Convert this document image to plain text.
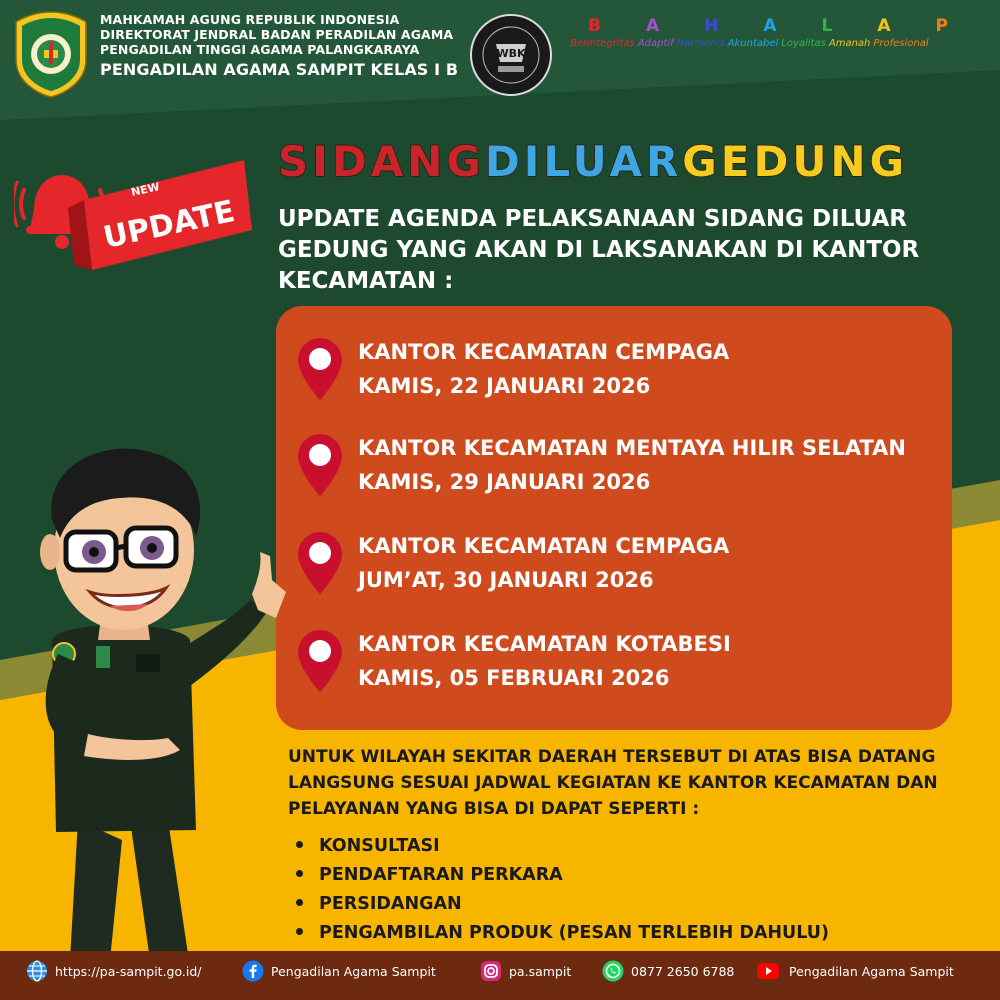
MAHKAMAH AGUNG REPUBLIK INDONESIA
DIREKTORAT JENDRAL BADAN PERADILAN AGAMA
PENGADILAN TINGGI AGAMA PALANGKARAYA
PENGADILAN AGAMA SAMPIT KELAS I B
WBK
B	A	H	A	L	A	P
Berintegritas Adaptif Harmonis Akuntabel Loyalitas Amanah Profesional
NEW
UPDATE
SIDANGDILUARGEDUNG
UPDATE AGENDA PELAKSANAAN SIDANG DILUAR GEDUNG YANG AKAN DI LAKSANAKAN DI KANTOR KECAMATAN :
KANTOR KECAMATAN CEMPAGA
KAMIS, 22 JANUARI 2026
KANTOR KECAMATAN MENTAYA HILIR SELATAN
KAMIS, 29 JANUARI 2026
KANTOR KECAMATAN CEMPAGA
JUM’AT, 30 JANUARI 2026
KANTOR KECAMATAN KOTABESI
KAMIS, 05 FEBRUARI 2026
UNTUK WILAYAH SEKITAR DAERAH TERSEBUT DI ATAS BISA DATANG LANGSUNG SESUAI JADWAL KEGIATAN KE KANTOR KECAMATAN DAN PELAYANAN YANG BISA DI DAPAT SEPERTI :
KONSULTASI
PENDAFTARAN PERKARA
PERSIDANGAN
PENGAMBILAN PRODUK (PESAN TERLEBIH DAHULU)
https://pa-sampit.go.id/	Pengadilan Agama Sampit	pa.sampit	0877 2650 6788	Pengadilan Agama Sampit
